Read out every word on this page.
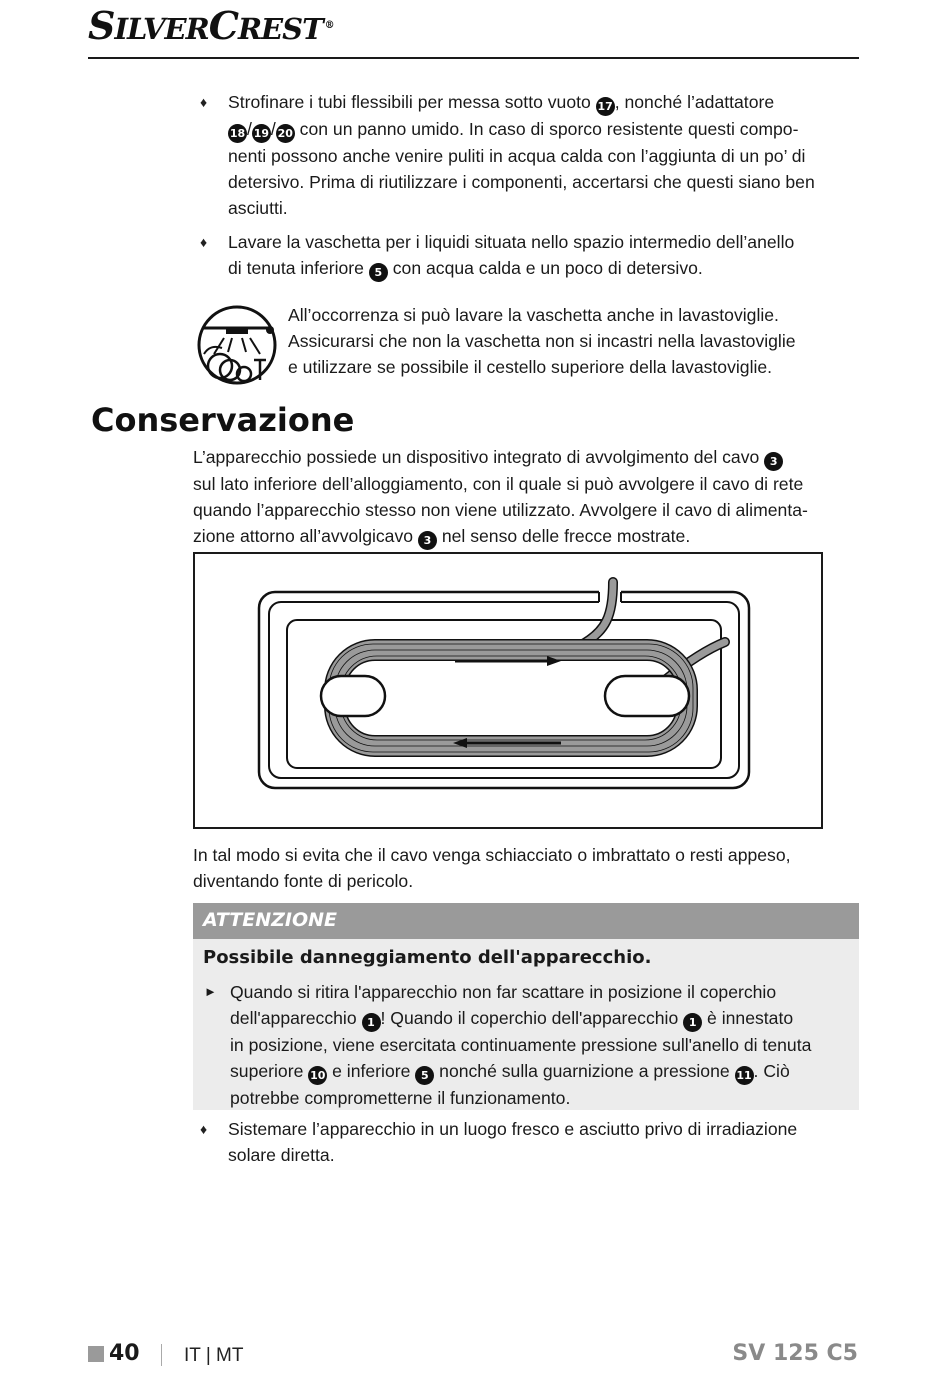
SILVERCREST ®
♦ Strofinare i tubi flessibili per messa sotto vuoto 17 , nonché l’adattatore
18 / 19 / 20 con un panno umido. In caso di sporco resistente questi compo-
nenti possono anche venire puliti in acqua calda con l’aggiunta di un po’ di
detersivo. Prima di riutilizzare i componenti, accertarsi che questi siano ben
asciutti.
♦ Lavare la vaschetta per i liquidi situata nello spazio intermedio dell’anello
di tenuta inferiore 5 con acqua calda e un poco di detersivo.
All’occorrenza si può lavare la vaschetta anche in lavastoviglie.
Assicurarsi che non la vaschetta non si incastri nella lavastoviglie
e utilizzare se possibile il cestello superiore della lavastoviglie.
Conservazione
L’apparecchio possiede un dispositivo integrato di avvolgimento del cavo 3
sul lato inferiore dell’alloggiamento, con il quale si può avvolgere il cavo di rete
quando l’apparecchio stesso non viene utilizzato. Avvolgere il cavo di alimenta-
zione attorno all’avvolgicavo 3 nel senso delle frecce mostrate.
In tal modo si evita che il cavo venga schiacciato o imbrattato o resti appeso,
diventando fonte di pericolo.
ATTENZIONE
Possibile danneggiamento dell'apparecchio.
► Quando si ritira l'apparecchio non far scattare in posizione il coperchio
dell'apparecchio 1 ! Quando il coperchio dell'apparecchio 1 è innestato
in posizione, viene esercitata continuamente pressione sull'anello di tenuta
superiore 10 e inferiore 5 nonché sulla guarnizione a pressione 11 . Ciò
potrebbe comprometterne il funzionamento.
♦ Sistemare l’apparecchio in un luogo fresco e asciutto privo di irradiazione
solare diretta.
40 IT | MT	SV 125 C5
